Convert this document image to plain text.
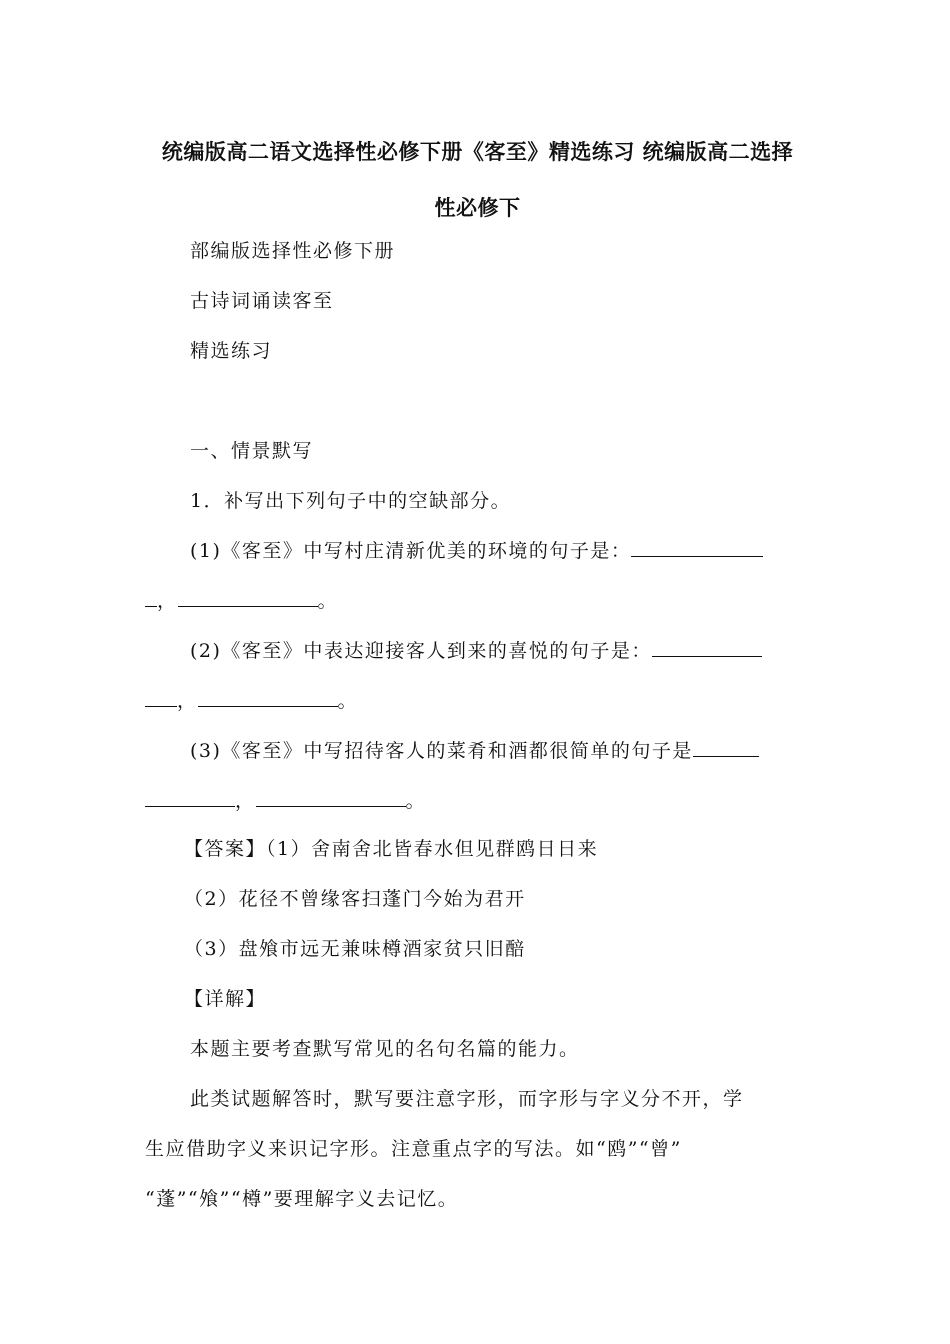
统编版高二语文选择性必修下册《客至》精选练习 统编版高二选择
性必修下
部编版选择性必修下册
古诗词诵读客至
精选练习
一、情景默写
1．补写出下列句子中的空缺部分。
(1)《客至》中写村庄清新优美的环境的句子是：
，	。
(2)《客至》中表达迎接客人到来的喜悦的句子是：
，	。
(3)《客至》中写招待客人的菜肴和酒都很简单的句子是
，	。
【答案】（1）舍南舍北皆春水但见群鸥日日来
（2）花径不曾缘客扫蓬门今始为君开
（3）盘飧市远无兼味樽酒家贫只旧醅
【详解】
本题主要考查默写常见的名句名篇的能力。
此类试题解答时，默写要注意字形，而字形与字义分不开，学
生应借助字义来识记字形。注意重点字的写法。如“鸥”“曾”
“蓬”“飧”“樽”要理解字义去记忆。
